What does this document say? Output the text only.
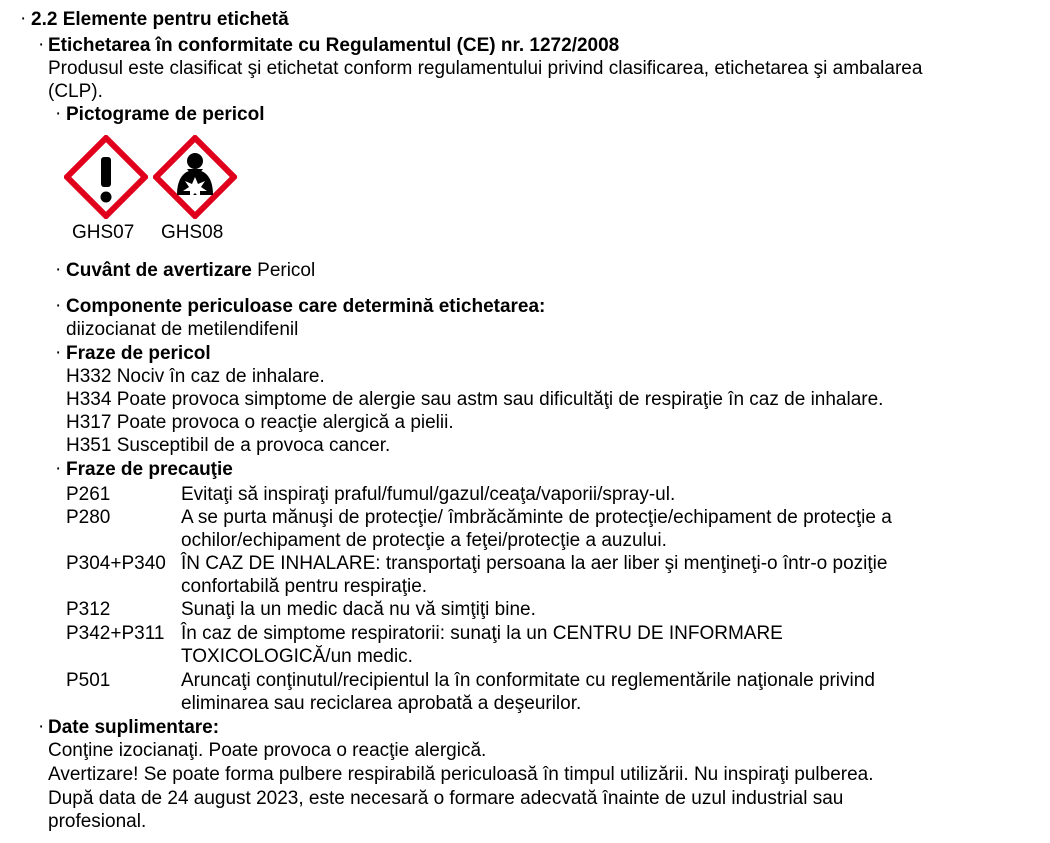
· 2.2 Elemente pentru etichetă
· Etichetarea în conformitate cu Regulamentul (CE) nr. 1272/2008
Produsul este clasificat şi etichetat conform regulamentului privind clasificarea, etichetarea şi ambalarea
(CLP).
· Pictograme de pericol
GHS07 GHS08
· Cuvânt de avertizare Pericol
· Componente periculoase care determină etichetarea:
diizocianat de metilendifenil
· Fraze de pericol
H332 Nociv în caz de inhalare.
H334 Poate provoca simptome de alergie sau astm sau dificultăţi de respiraţie în caz de inhalare.
H317 Poate provoca o reacţie alergică a pielii.
H351 Susceptibil de a provoca cancer.
· Fraze de precauţie
P261	Evitaţi să inspiraţi praful/fumul/gazul/ceaţa/vaporii/spray-ul.
P280	A se purta mănuşi de protecţie/ îmbrăcăminte de protecţie/echipament de protecţie a
ochilor/echipament de protecţie a feţei/protecţie a auzului.
P304+P340 ÎN CAZ DE INHALARE: transportaţi persoana la aer liber şi menţineţi-o într-o poziţie
confortabilă pentru respiraţie.
P312	Sunaţi la un medic dacă nu vă simţiţi bine.
P342+P311 În caz de simptome respiratorii: sunaţi la un CENTRU DE INFORMARE
TOXICOLOGICĂ/un medic.
P501	Aruncaţi conţinutul/recipientul la în conformitate cu reglementările naţionale privind
eliminarea sau reciclarea aprobată a deşeurilor.
· Date suplimentare:
Conţine izocianaţi. Poate provoca o reacţie alergică.
Avertizare! Se poate forma pulbere respirabilă periculoasă în timpul utilizării. Nu inspiraţi pulberea.
După data de 24 august 2023, este necesară o formare adecvată înainte de uzul industrial sau
profesional.
